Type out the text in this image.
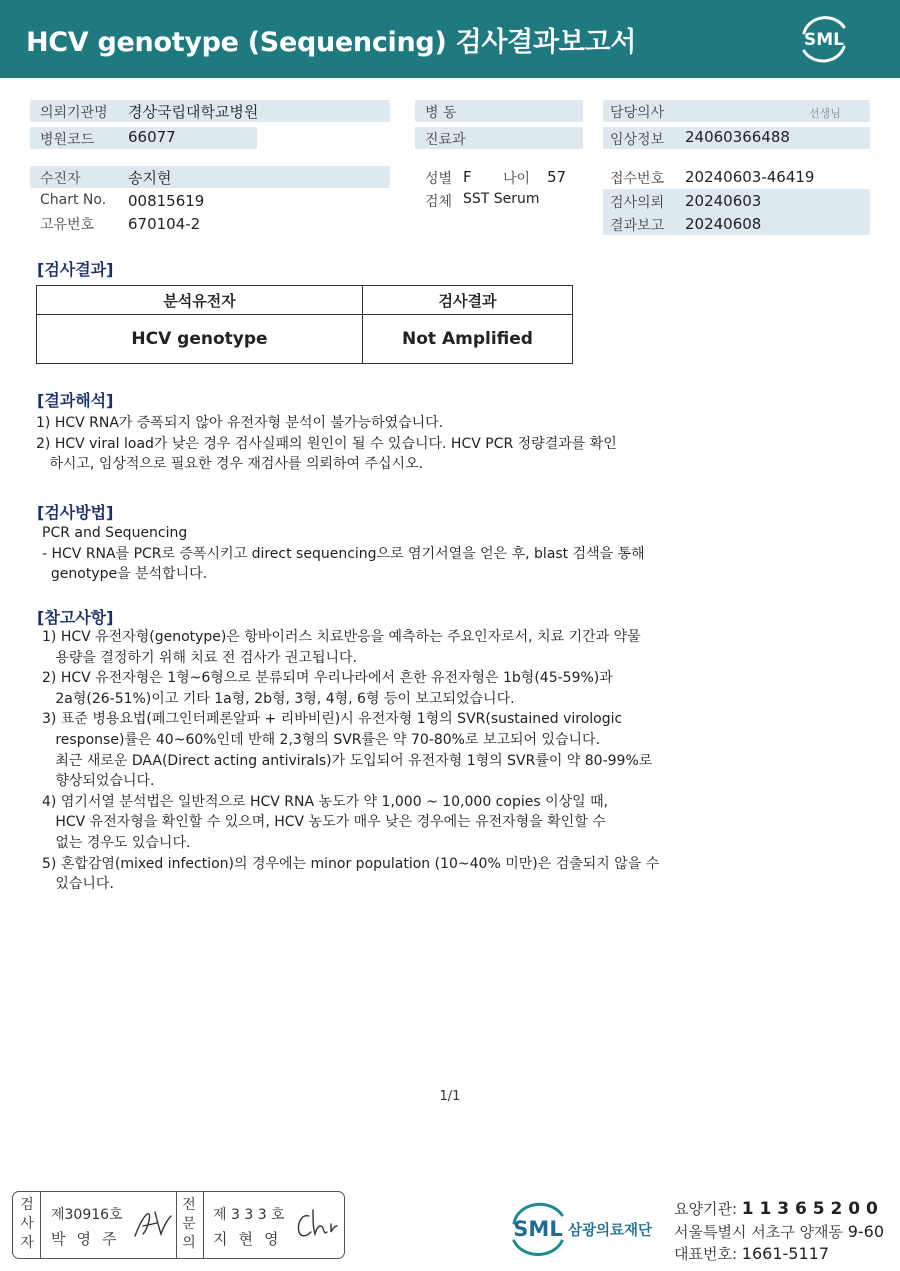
HCV genotype (Sequencing) 검사결과보고서	SML
의뢰기관명 경상국립대학교병원
병원코드 66077
병 동
진료과
담당의사	선생님
임상정보 24060366488
수진자	송지현
Chart No. 00815619
고유번호 670104-2
성별 F 나이 57
검체 SST Serum
접수번호 20240603-46419
검사의뢰 20240603
결과보고 20240608
[검사결과]
분석유전자	검사결과
HCV genotype	Not Amplified
[결과해석]
1) HCV RNA가 증폭되지 않아 유전자형 분석이 불가능하였습니다.
2) HCV viral load가 낮은 경우 검사실패의 원인이 될 수 있습니다. HCV PCR 정량결과를 확인
하시고, 임상적으로 필요한 경우 재검사를 의뢰하여 주십시오.
[검사방법]
PCR and Sequencing
- HCV RNA를 PCR로 증폭시키고 direct sequencing으로 염기서열을 얻은 후, blast 검색을 통해
genotype을 분석합니다.
[참고사항]
1) HCV 유전자형(genotype)은 항바이러스 치료반응을 예측하는 주요인자로서, 치료 기간과 약물
용량을 결정하기 위해 치료 전 검사가 권고됩니다.
2) HCV 유전자형은 1형~6형으로 분류되며 우리나라에서 흔한 유전자형은 1b형(45-59%)과
2a형(26-51%)이고 기타 1a형, 2b형, 3형, 4형, 6형 등이 보고되었습니다.
3) 표준 병용요법(페그인터페론알파 + 리바비린)시 유전자형 1형의 SVR(sustained virologic
response)률은 40~60%인데 반해 2,3형의 SVR률은 약 70-80%로 보고되어 있습니다.
최근 새로운 DAA(Direct acting antivirals)가 도입되어 유전자형 1형의 SVR률이 약 80-99%로
향상되었습니다.
4) 염기서열 분석법은 일반적으로 HCV RNA 농도가 약 1,000 ~ 10,000 copies 이상일 때,
HCV 유전자형을 확인할 수 있으며, HCV 농도가 매우 낮은 경우에는 유전자형을 확인할 수
없는 경우도 있습니다.
5) 혼합감염(mixed infection)의 경우에는 minor population (10~40% 미만)은 검출되지 않을 수
있습니다.
1/1
검
사
자
제30916호
박영주
전
문
의
제 3 3 3 호
지현영	SML 삼광의료재단
요양기관: 1 1 3 6 5 2 0 0
서울특별시 서초구 양재동 9-60
대표번호: 1661-5117
